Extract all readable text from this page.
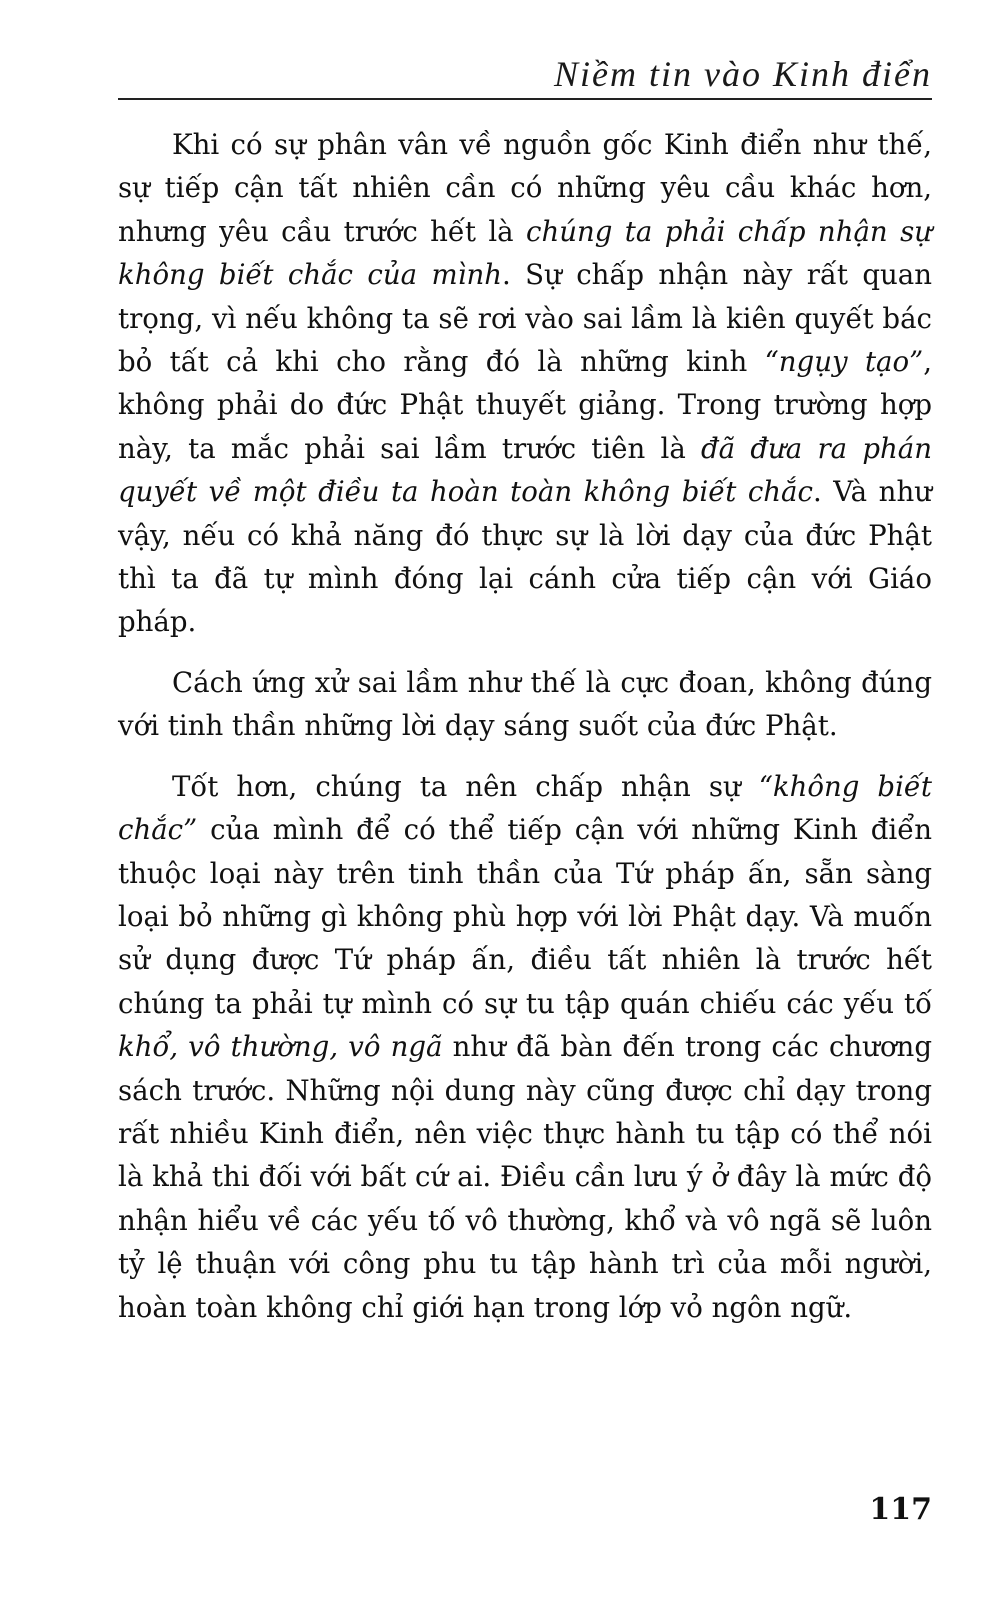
Niềm tin vào Kinh điển

Khi có sự phân vân về nguồn gốc Kinh điển như thế, sự tiếp cận tất nhiên cần có những yêu cầu khác hơn, nhưng yêu cầu trước hết là chúng ta phải chấp nhận sự không biết chắc của mình. Sự chấp nhận này rất quan trọng, vì nếu không ta sẽ rơi vào sai lầm là kiên quyết bác bỏ tất cả khi cho rằng đó là những kinh “ngụy tạo”, không phải do đức Phật thuyết giảng. Trong trường hợp này, ta mắc phải sai lầm trước tiên là đã đưa ra phán quyết về một điều ta hoàn toàn không biết chắc. Và như vậy, nếu có khả năng đó thực sự là lời dạy của đức Phật thì ta đã tự mình đóng lại cánh cửa tiếp cận với Giáo pháp.

Cách ứng xử sai lầm như thế là cực đoan, không đúng với tinh thần những lời dạy sáng suốt của đức Phật.

Tốt hơn, chúng ta nên chấp nhận sự “không biết chắc” của mình để có thể tiếp cận với những Kinh điển thuộc loại này trên tinh thần của Tứ pháp ấn, sẵn sàng loại bỏ những gì không phù hợp với lời Phật dạy. Và muốn sử dụng được Tứ pháp ấn, điều tất nhiên là trước hết chúng ta phải tự mình có sự tu tập quán chiếu các yếu tố khổ, vô thường, vô ngã như đã bàn đến trong các chương sách trước. Những nội dung này cũng được chỉ dạy trong rất nhiều Kinh điển, nên việc thực hành tu tập có thể nói là khả thi đối với bất cứ ai. Điều cần lưu ý ở đây là mức độ nhận hiểu về các yếu tố vô thường, khổ và vô ngã sẽ luôn tỷ lệ thuận với công phu tu tập hành trì của mỗi người, hoàn toàn không chỉ giới hạn trong lớp vỏ ngôn ngữ.

117
